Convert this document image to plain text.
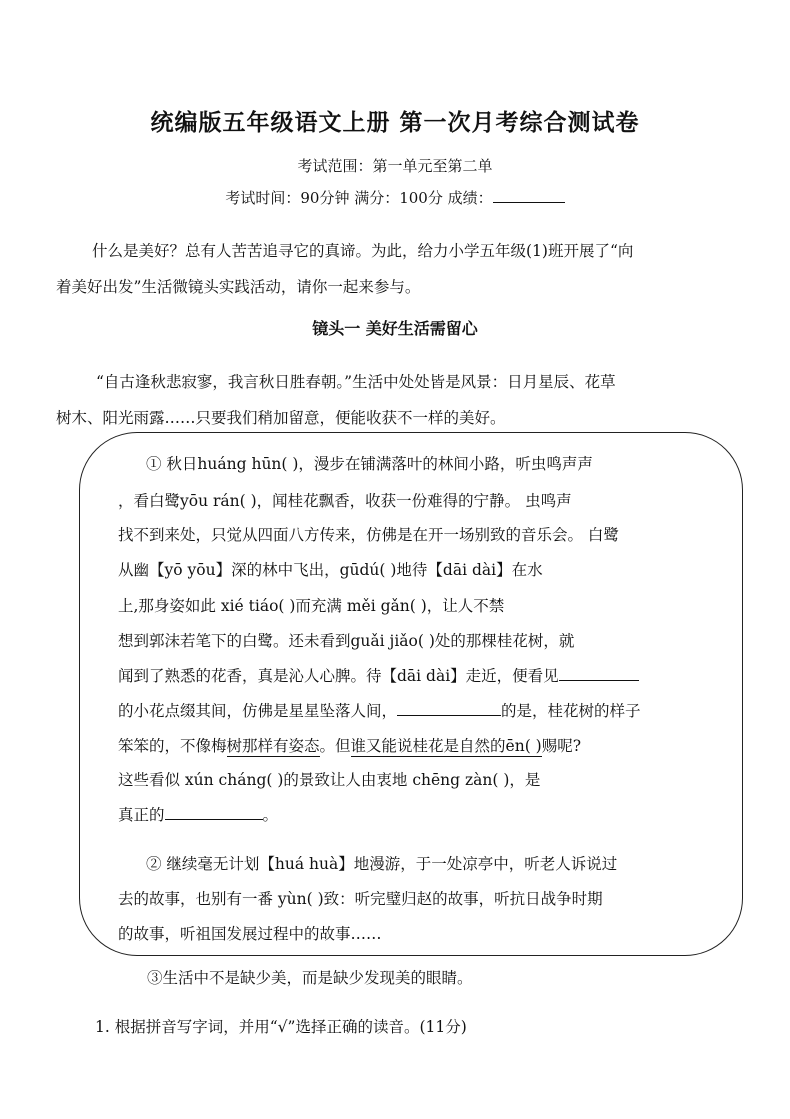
统编版五年级语文上册 第一次月考综合测试卷
考试范围：第一单元至第二单
考试时间：90分钟 满分：100分 成绩：
什么是美好？总有人苦苦追寻它的真谛。为此，给力小学五年级(1)班开展了“向
着美好出发”生活微镜头实践活动，请你一起来参与。
镜头一 美好生活需留心
“自古逢秋悲寂寥，我言秋日胜春朝。”生活中处处皆是风景：日月星辰、花草
树木、阳光雨露……只要我们稍加留意，便能收获不一样的美好。
① 秋日huáng hūn( )，漫步在铺满落叶的林间小路，听虫鸣声声
，看白鹭yōu rán( )，闻桂花飘香，收获一份难得的宁静。 虫鸣声
找不到来处，只觉从四面八方传来，仿佛是在开一场别致的音乐会。 白鹭
从幽【yō yōu】深的林中飞出，gūdú( )地待【dāi dài】在水
上,那身姿如此 xié tiáo( )而充满 měi gǎn( )，让人不禁
想到郭沫若笔下的白鹭。还未看到guǎi jiǎo( )处的那棵桂花树，就
闻到了熟悉的花香，真是沁人心脾。待【dāi dài】走近，便看见
的小花点缀其间，仿佛是星星坠落人间，	的是，桂花树的样子
笨笨的，不像梅树那样有姿态。但谁又能说桂花是自然的ēn( )赐呢?
这些看似 xún cháng( )的景致让人由衷地 chēng zàn( )，是
真正的	。
② 继续毫无计划【huá huà】地漫游，于一处凉亭中，听老人诉说过
去的故事，也别有一番 yùn( )致：听完璧归赵的故事，听抗日战争时期
的故事，听祖国发展过程中的故事……
③生活中不是缺少美，而是缺少发现美的眼睛。
1. 根据拼音写字词，并用“√”选择正确的读音。(11分)
